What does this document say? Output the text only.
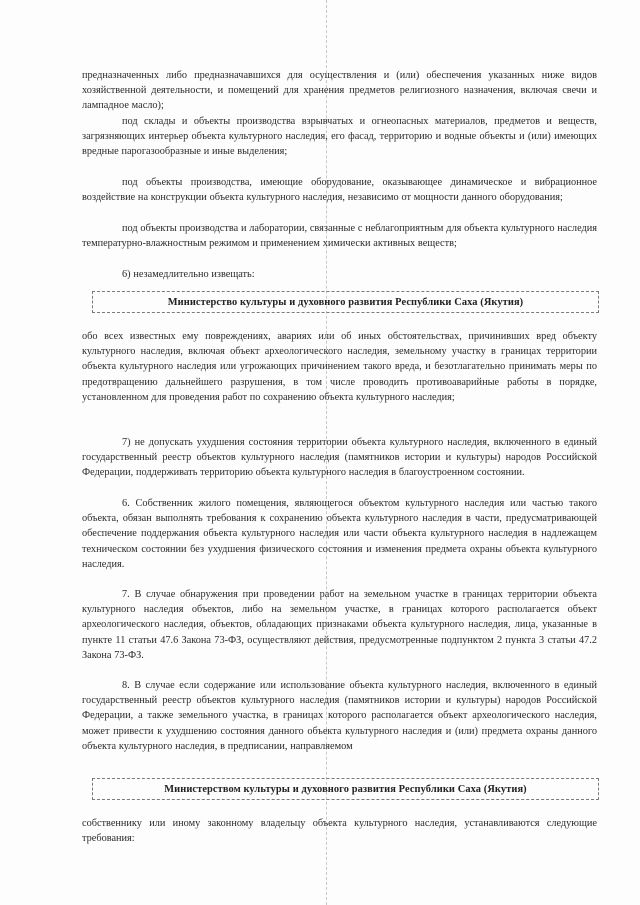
предназначенных либо предназначавшихся для осуществления и (или) обеспечения указанных ниже видов хозяйственной деятельности, и помещений для хранения предметов религиозного назначения, включая свечи и лампадное масло);

под склады и объекты производства взрывчатых и огнеопасных материалов, предметов и веществ, загрязняющих интерьер объекта культурного наследия, его фасад, территорию и водные объекты и (или) имеющих вредные парогазообразные и иные выделения;

под объекты производства, имеющие оборудование, оказывающее динамическое и вибрационное воздействие на конструкции объекта культурного наследия, независимо от мощности данного оборудования;

под объекты производства и лаборатории, связанные с неблагоприятным для объекта культурного наследия температурно-влажностным режимом и применением химически активных веществ;

6) незамедлительно извещать:

Министерство культуры и духовного развития Республики Саха (Якутия)

обо всех известных ему повреждениях, авариях или об иных обстоятельствах, причинивших вред объекту культурного наследия, включая объект археологического наследия, земельному участку в границах территории объекта культурного наследия или угрожающих причинением такого вреда, и безотлагательно принимать меры по предотвращению дальнейшего разрушения, в том числе проводить противоаварийные работы в порядке, установленном для проведения работ по сохранению объекта культурного наследия;

7) не допускать ухудшения состояния территории объекта культурного наследия, включенного в единый государственный реестр объектов культурного наследия (памятников истории и культуры) народов Российской Федерации, поддерживать территорию объекта культурного наследия в благоустроенном состоянии.

6. Собственник жилого помещения, являющегося объектом культурного наследия или частью такого объекта, обязан выполнять требования к сохранению объекта культурного наследия в части, предусматривающей обеспечение поддержания объекта культурного наследия или части объекта культурного наследия в надлежащем техническом состоянии без ухудшения физического состояния и изменения предмета охраны объекта культурного наследия.

7. В случае обнаружения при проведении работ на земельном участке в границах территории объекта культурного наследия объектов, либо на земельном участке, в границах которого располагается объект археологического наследия, объектов, обладающих признаками объекта культурного наследия, лица, указанные в пункте 11 статьи 47.6 Закона 73-ФЗ, осуществляют действия, предусмотренные подпунктом 2 пункта 3 статьи 47.2 Закона 73-ФЗ.

8. В случае если содержание или использование объекта культурного наследия, включенного в единый государственный реестр объектов культурного наследия (памятников истории и культуры) народов Российской Федерации, а также земельного участка, в границах которого располагается объект археологического наследия, может привести к ухудшению состояния данного объекта культурного наследия и (или) предмета охраны данного объекта культурного наследия, в предписании, направляемом

Министерством культуры и духовного развития Республики Саха (Якутия)

собственнику или иному законному владельцу объекта культурного наследия, устанавливаются следующие требования:
